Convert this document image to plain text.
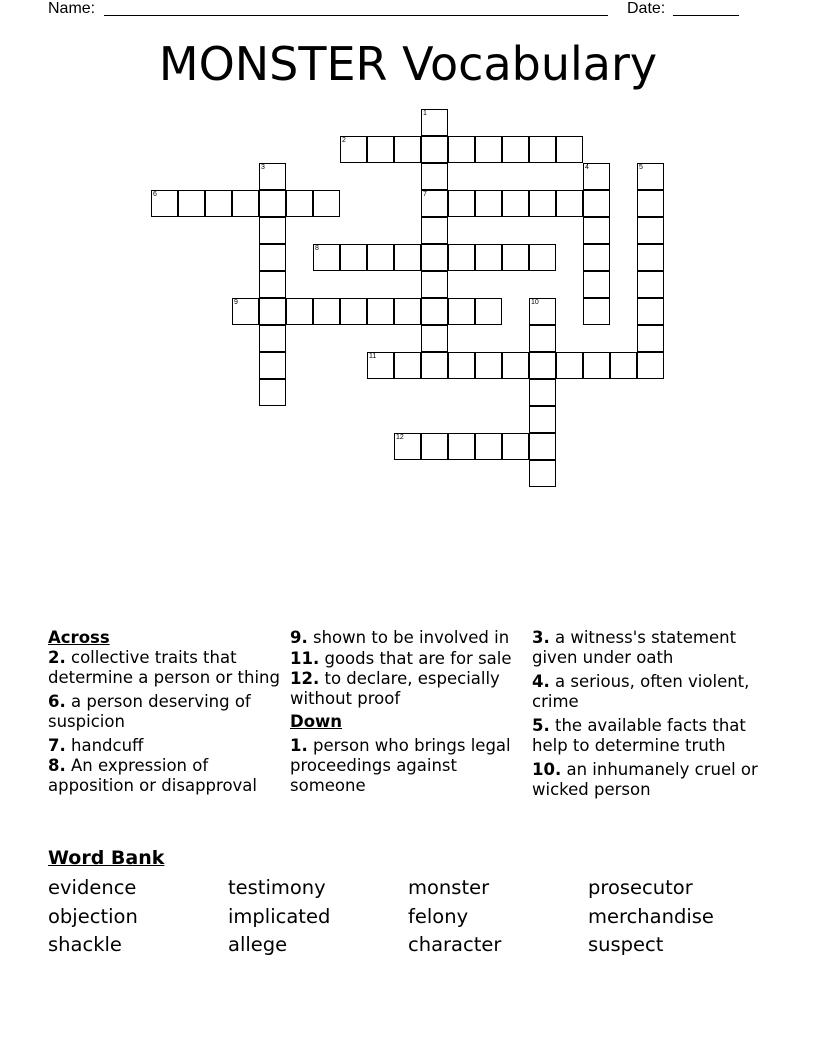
Name:	Date:
MONSTER Vocabulary
1
7
2
3	4	5
6
8
9	10
11
12
Across
2. collective traits that determine a person or thing
6. a person deserving of suspicion
7. handcuff
8. An expression of apposition or disapproval
9. shown to be involved in
11. goods that are for sale
12. to declare, especially without proof
Down
1. person who brings legal proceedings against someone
3. a witness's statement given under oath
4. a serious, often violent, crime
5. the available facts that help to determine truth
10. an inhumanely cruel or wicked person
Word Bank
evidence	testimony	monster	prosecutor
objection	implicated	felony	merchandise
shackle	allege	character	suspect
